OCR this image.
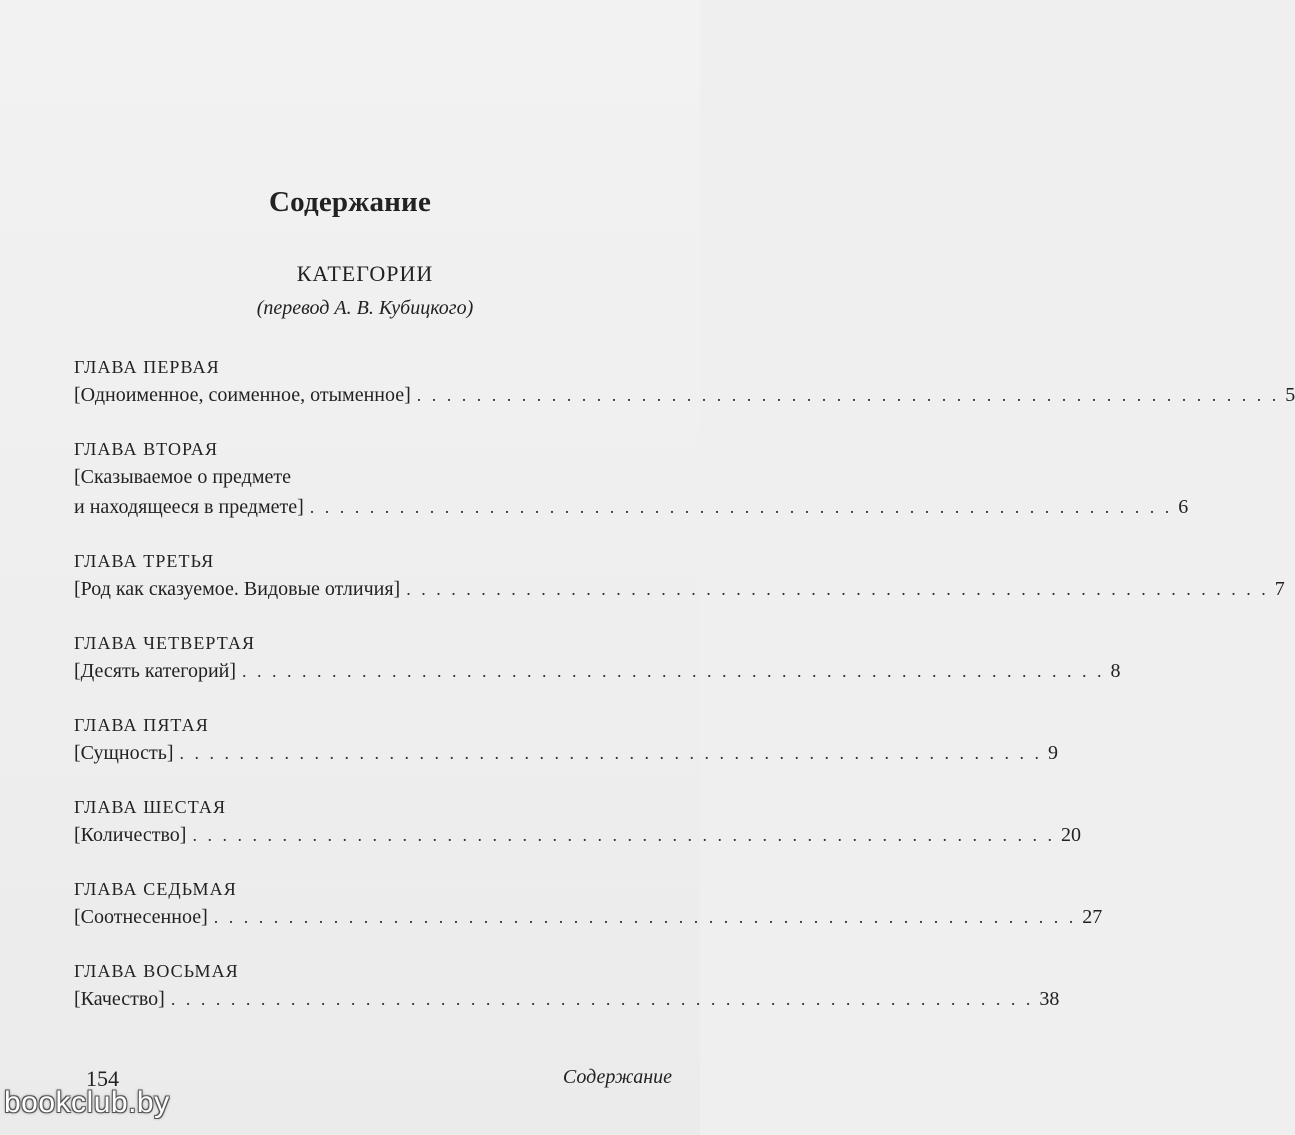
Содержание
КАТЕГОРИИ
(перевод А. В. Кубицкого)
ГЛАВА ПЕРВАЯ
[Одноименное, соименное, отыменное] . . . . . . . . . . . . . . . . . . . . . . . . . . . . . . . . . . . . . . . . . . . . . . . . . . . . . . . . . . 5
ГЛАВА ВТОРАЯ
[Сказываемое о предмете
и находящееся в предмете] . . . . . . . . . . . . . . . . . . . . . . . . . . . . . . . . . . . . . . . . . . . . . . . . . . . . . . . . . . 6
ГЛАВА ТРЕТЬЯ
[Род как сказуемое. Видовые отличия] . . . . . . . . . . . . . . . . . . . . . . . . . . . . . . . . . . . . . . . . . . . . . . . . . . . . . . . . . . 7
ГЛАВА ЧЕТВЕРТАЯ
[Десять категорий] . . . . . . . . . . . . . . . . . . . . . . . . . . . . . . . . . . . . . . . . . . . . . . . . . . . . . . . . . . 8
ГЛАВА ПЯТАЯ
[Сущность] . . . . . . . . . . . . . . . . . . . . . . . . . . . . . . . . . . . . . . . . . . . . . . . . . . . . . . . . . . 9
ГЛАВА ШЕСТАЯ
[Количество] . . . . . . . . . . . . . . . . . . . . . . . . . . . . . . . . . . . . . . . . . . . . . . . . . . . . . . . . . . 20
ГЛАВА СЕДЬМАЯ
[Соотнесенное] . . . . . . . . . . . . . . . . . . . . . . . . . . . . . . . . . . . . . . . . . . . . . . . . . . . . . . . . . . 27
ГЛАВА ВОСЬМАЯ
[Качество] . . . . . . . . . . . . . . . . . . . . . . . . . . . . . . . . . . . . . . . . . . . . . . . . . . . . . . . . . . 38
154	Содержание
bookclub.by
